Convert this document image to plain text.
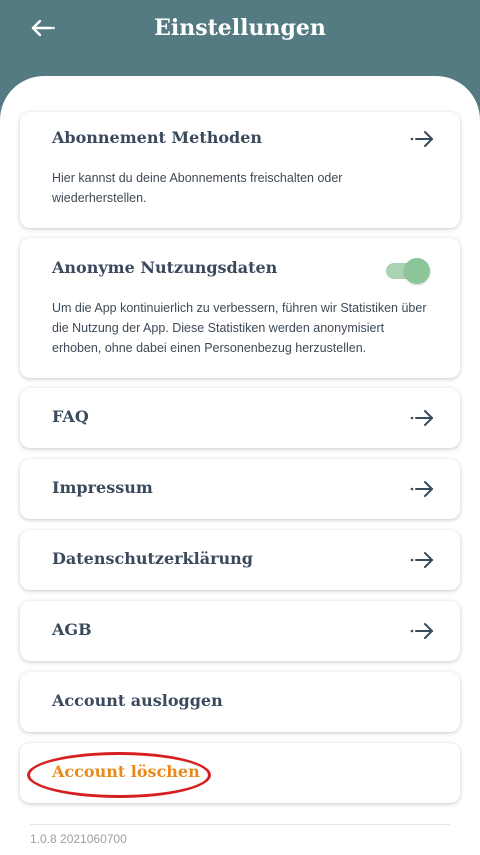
Einstellungen
Abonnement Methoden
Hier kannst du deine Abonnements freischalten oder wiederherstellen.
Anonyme Nutzungsdaten
Um die App kontinuierlich zu verbessern, führen wir Statistiken über die Nutzung der App. Diese Statistiken werden anonymisiert erhoben, ohne dabei einen Personenbezug herzustellen.
FAQ
Impressum
Datenschutzerklärung
AGB
Account ausloggen
Account löschen
1.0.8 2021060700
